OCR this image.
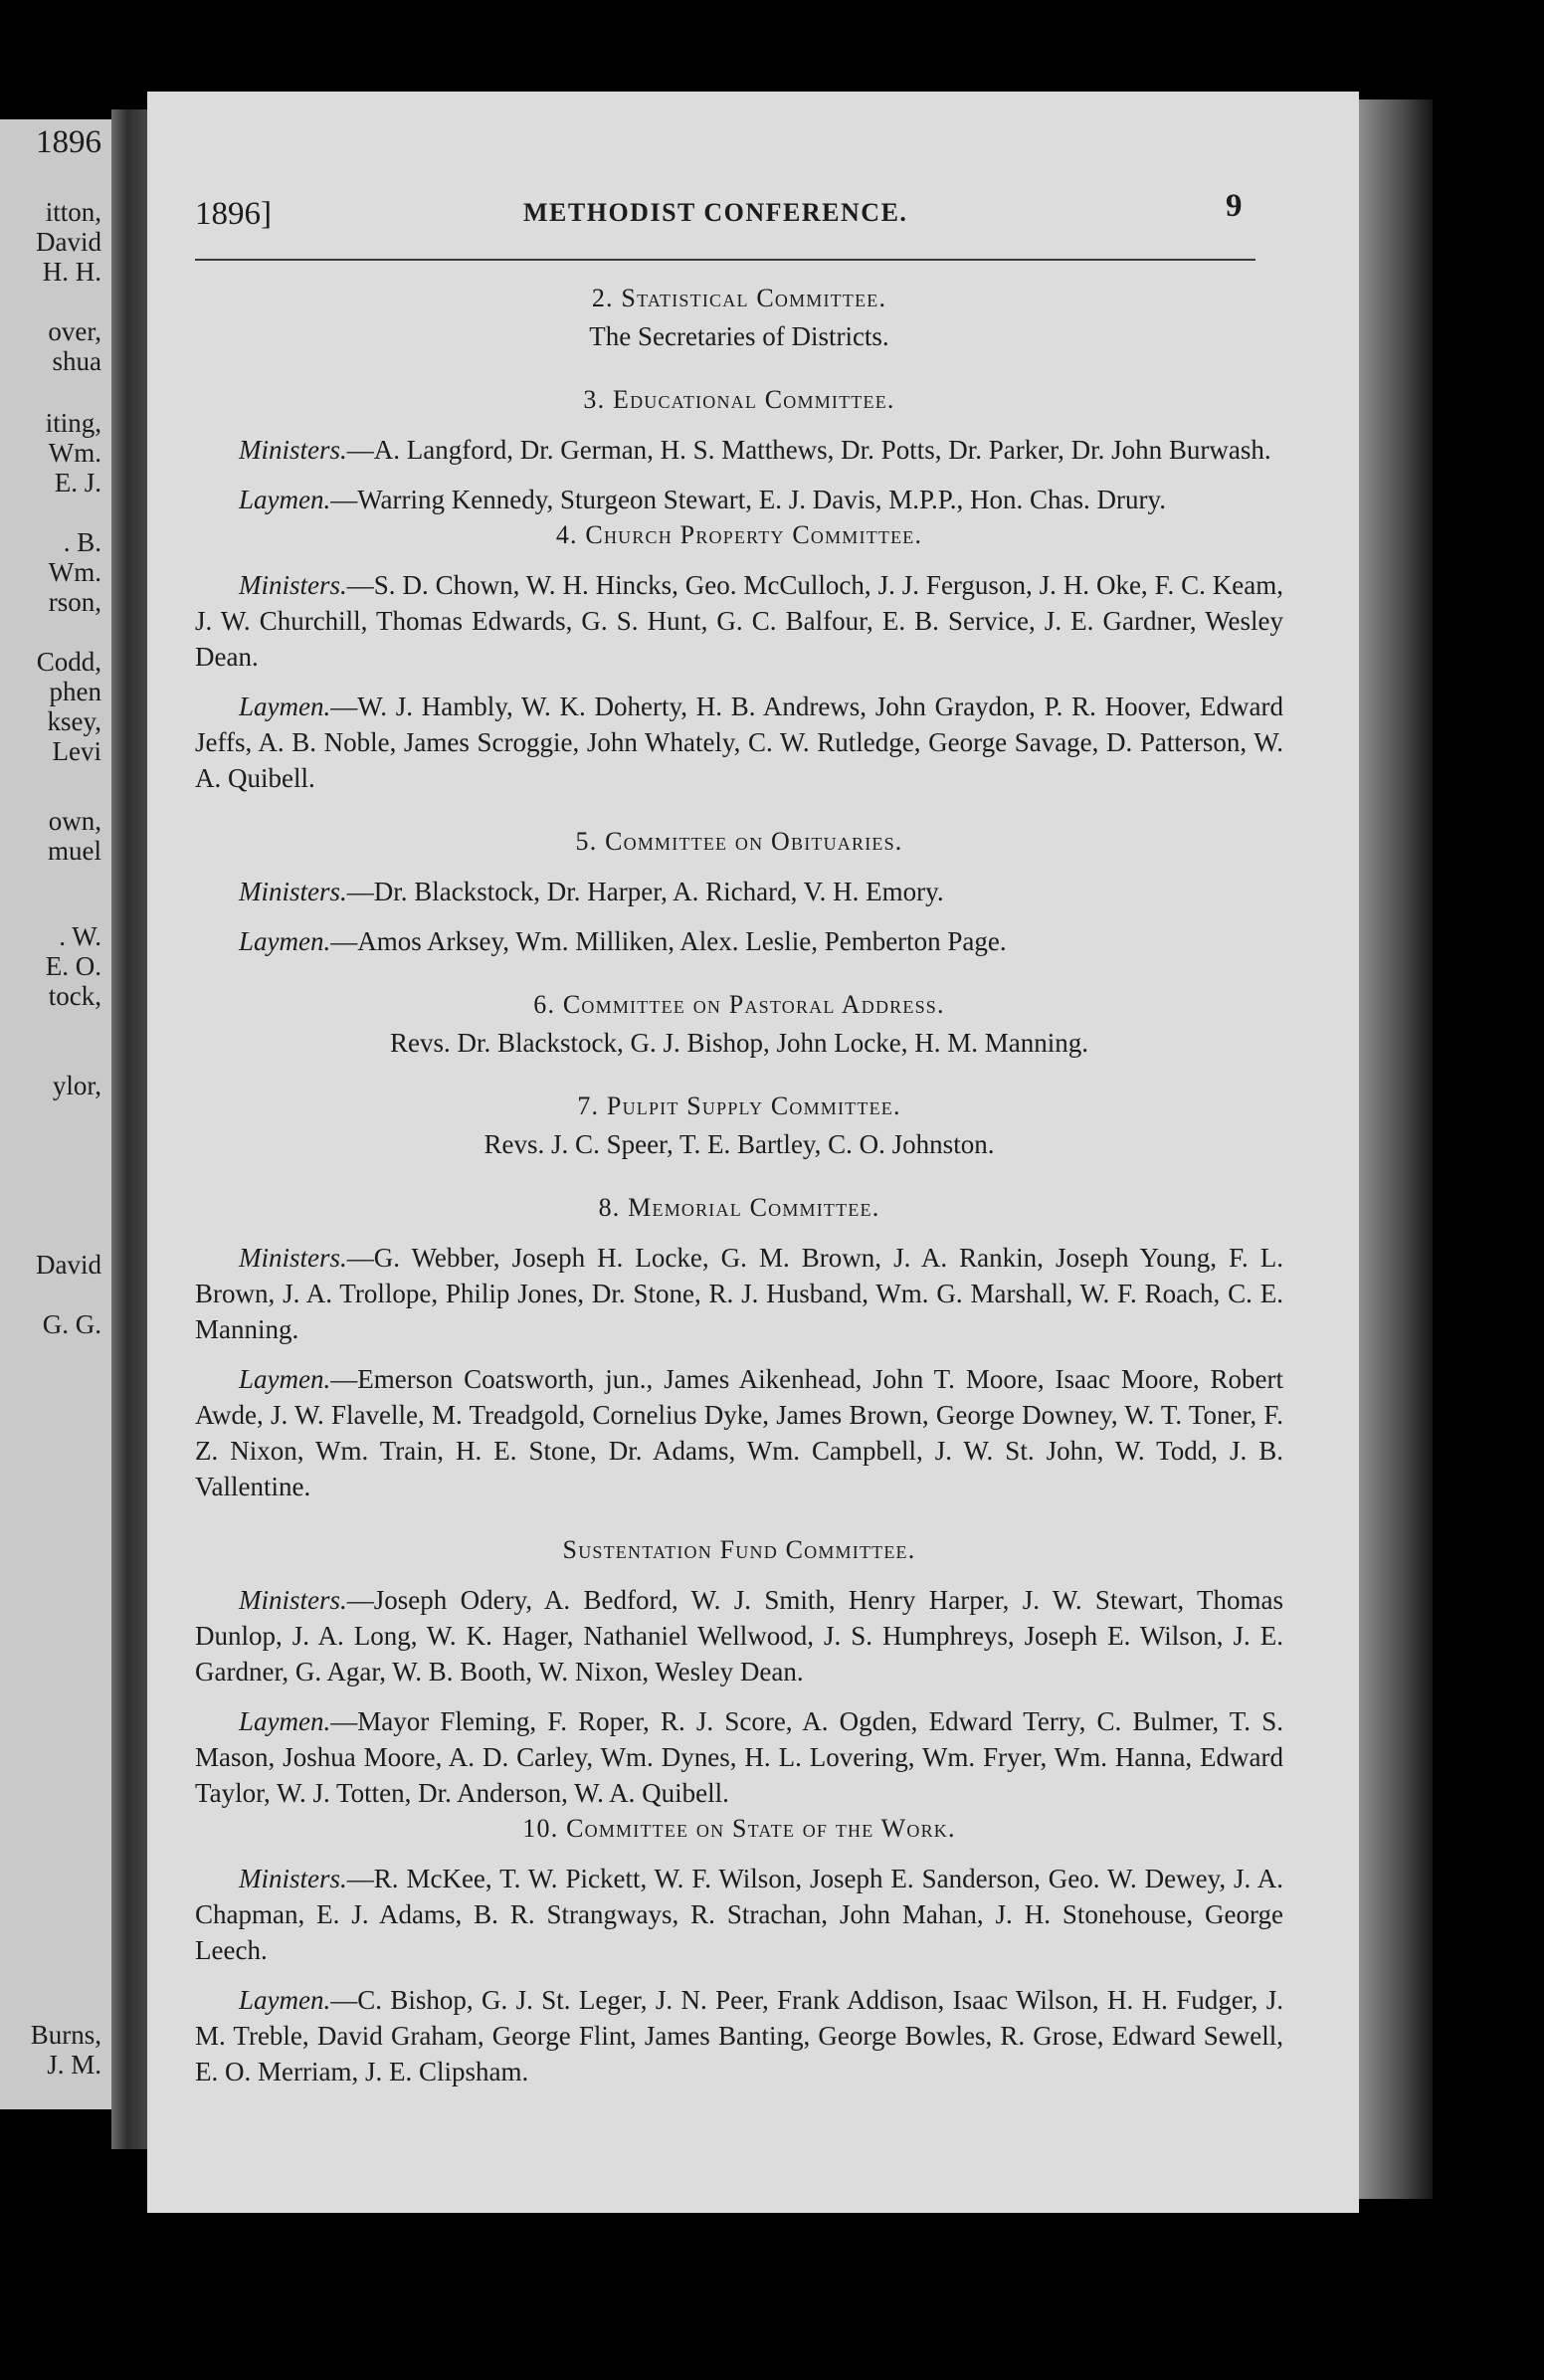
1896
itton,
David
H. H.
over,
shua
iting,
Wm.
E. J.
. B.
Wm.
rson,
Codd,
phen
ksey,
Levi
own,
muel
. W.
E. O.
tock,
ylor,
David
G. G.
Burns,
J. M.
1896]	METHODIST CONFERENCE.	9

2. Statistical Committee.

The Secretaries of Districts.

3. Educational Committee.

Ministers.—A. Langford, Dr. German, H. S. Matthews, Dr. Potts, Dr. Parker, Dr. John Burwash.

Laymen.—Warring Kennedy, Sturgeon Stewart, E. J. Davis, M.P.P., Hon. Chas. Drury.

4. Church Property Committee.

Ministers.—S. D. Chown, W. H. Hincks, Geo. McCulloch, J. J. Ferguson, J. H. Oke, F. C. Keam, J. W. Churchill, Thomas Edwards, G. S. Hunt, G. C. Balfour, E. B. Service, J. E. Gardner, Wesley Dean.

Laymen.—W. J. Hambly, W. K. Doherty, H. B. Andrews, John Graydon, P. R. Hoover, Edward Jeffs, A. B. Noble, James Scroggie, John Whately, C. W. Rutledge, George Savage, D. Patterson, W. A. Quibell.

5. Committee on Obituaries.

Ministers.—Dr. Blackstock, Dr. Harper, A. Richard, V. H. Emory.

Laymen.—Amos Arksey, Wm. Milliken, Alex. Leslie, Pemberton Page.

6. Committee on Pastoral Address.

Revs. Dr. Blackstock, G. J. Bishop, John Locke, H. M. Manning.

7. Pulpit Supply Committee.

Revs. J. C. Speer, T. E. Bartley, C. O. Johnston.

8. Memorial Committee.

Ministers.—G. Webber, Joseph H. Locke, G. M. Brown, J. A. Rankin, Joseph Young, F. L. Brown, J. A. Trollope, Philip Jones, Dr. Stone, R. J. Husband, Wm. G. Marshall, W. F. Roach, C. E. Manning.

Laymen.—Emerson Coatsworth, jun., James Aikenhead, John T. Moore, Isaac Moore, Robert Awde, J. W. Flavelle, M. Treadgold, Cornelius Dyke, James Brown, George Downey, W. T. Toner, F. Z. Nixon, Wm. Train, H. E. Stone, Dr. Adams, Wm. Campbell, J. W. St. John, W. Todd, J. B. Vallentine.

Sustentation Fund Committee.

Ministers.—Joseph Odery, A. Bedford, W. J. Smith, Henry Harper, J. W. Stewart, Thomas Dunlop, J. A. Long, W. K. Hager, Nathaniel Wellwood, J. S. Humphreys, Joseph E. Wilson, J. E. Gardner, G. Agar, W. B. Booth, W. Nixon, Wesley Dean.

Laymen.—Mayor Fleming, F. Roper, R. J. Score, A. Ogden, Edward Terry, C. Bulmer, T. S. Mason, Joshua Moore, A. D. Carley, Wm. Dynes, H. L. Lovering, Wm. Fryer, Wm. Hanna, Edward Taylor, W. J. Totten, Dr. Anderson, W. A. Quibell.

10. Committee on State of the Work.

Ministers.—R. McKee, T. W. Pickett, W. F. Wilson, Joseph E. Sanderson, Geo. W. Dewey, J. A. Chapman, E. J. Adams, B. R. Strangways, R. Strachan, John Mahan, J. H. Stonehouse, George Leech.

Laymen.—C. Bishop, G. J. St. Leger, J. N. Peer, Frank Addison, Isaac Wilson, H. H. Fudger, J. M. Treble, David Graham, George Flint, James Banting, George Bowles, R. Grose, Edward Sewell, E. O. Merriam, J. E. Clipsham.
